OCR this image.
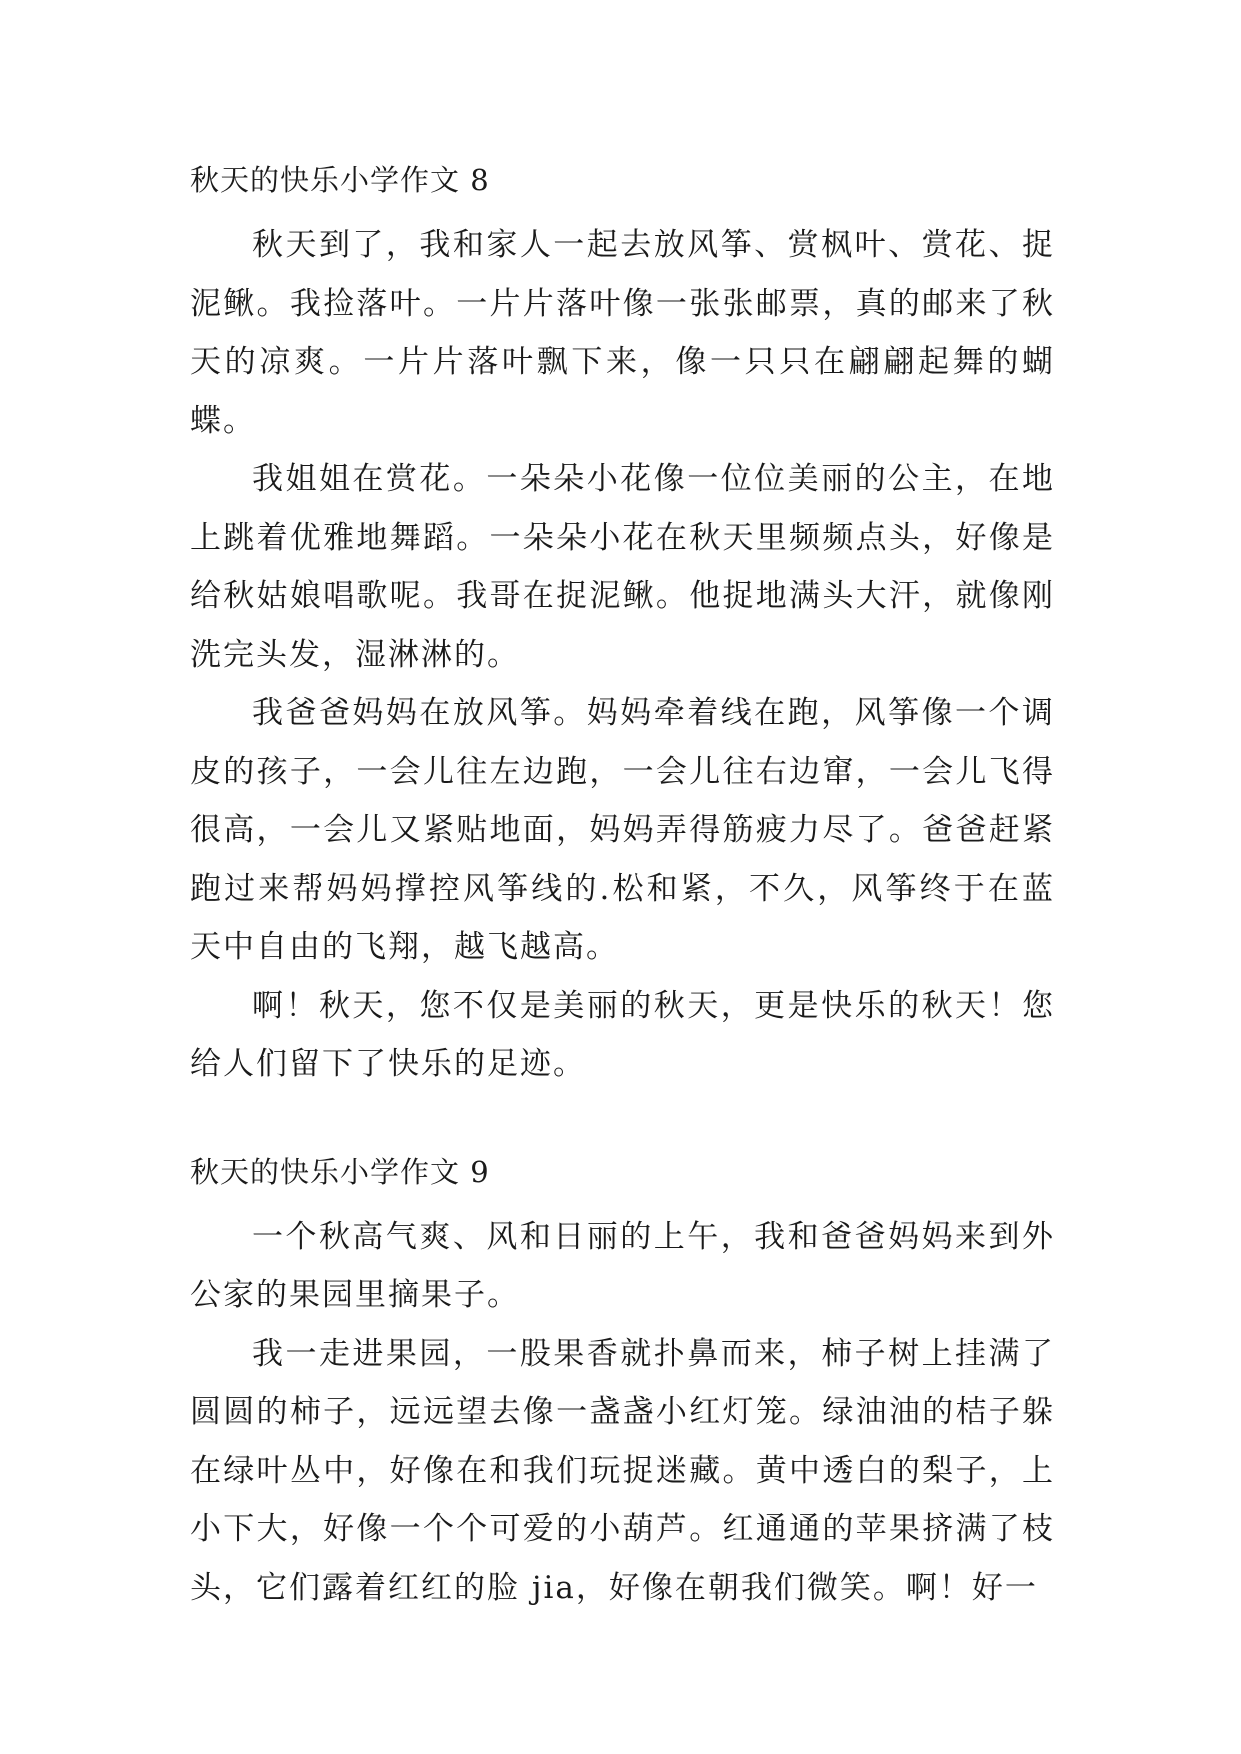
秋天的快乐小学作文 8

秋天到了，我和家人一起去放风筝、赏枫叶、赏花、捉泥鳅。我捡落叶。一片片落叶像一张张邮票，真的邮来了秋天的凉爽。一片片落叶飘下来，像一只只在翩翩起舞的蝴蝶。

我姐姐在赏花。一朵朵小花像一位位美丽的公主，在地上跳着优雅地舞蹈。一朵朵小花在秋天里频频点头，好像是给秋姑娘唱歌呢。我哥在捉泥鳅。他捉地满头大汗，就像刚洗完头发，湿淋淋的。

我爸爸妈妈在放风筝。妈妈牵着线在跑，风筝像一个调皮的孩子，一会儿往左边跑，一会儿往右边窜，一会儿飞得很高，一会儿又紧贴地面，妈妈弄得筋疲力尽了。爸爸赶紧跑过来帮妈妈撑控风筝线的.松和紧，不久，风筝终于在蓝天中自由的飞翔，越飞越高。

啊！秋天，您不仅是美丽的秋天，更是快乐的秋天！您给人们留下了快乐的足迹。

秋天的快乐小学作文 9

一个秋高气爽、风和日丽的上午，我和爸爸妈妈来到外公家的果园里摘果子。

我一走进果园，一股果香就扑鼻而来，柿子树上挂满了圆圆的柿子，远远望去像一盏盏小红灯笼。绿油油的桔子躲在绿叶丛中，好像在和我们玩捉迷藏。黄中透白的梨子，上小下大，好像一个个可爱的小葫芦。红通通的苹果挤满了枝头，它们露着红红的脸 jia，好像在朝我们微笑。啊！好一
